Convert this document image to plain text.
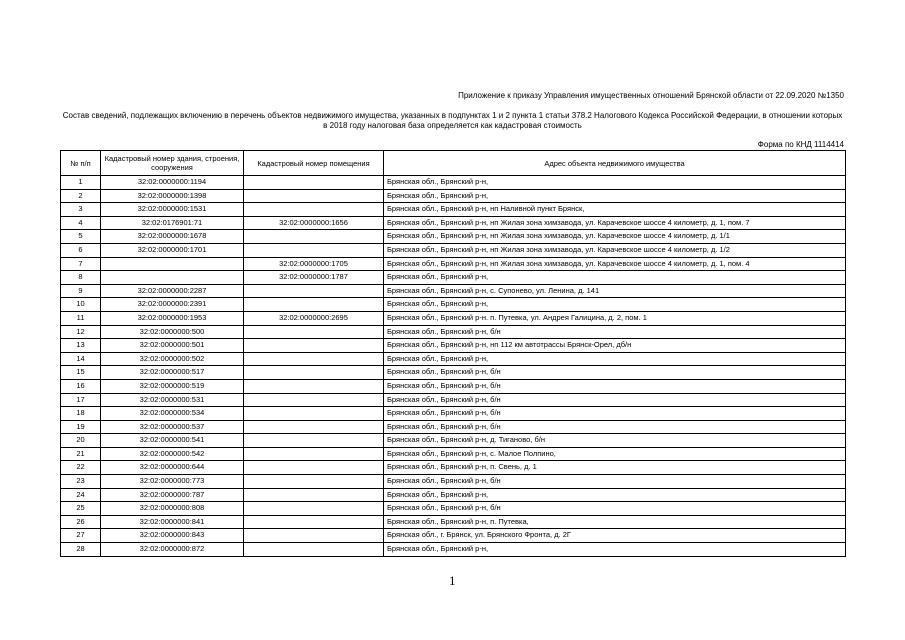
Приложение к приказу Управления имущественных отношений Брянской области от 22.09.2020 №1350
Состав сведений, подлежащих включению в перечень объектов недвижимого имущества, указанных в подпунктах 1 и 2 пункта 1 статьи 378.2 Налогового Кодекса Российской Федерации, в отношении которых в 2018 году налоговая база определяется как кадастровая стоимость
Форма по КНД 1114414
№ п/п	Кадастровый номер здания, строения, сооружения	Кадастровый номер помещения	Адрес объекта недвижимого имущества
1	32:02:0000000:1194		Брянская обл., Брянский р-н,
2	32:02:0000000:1398		Брянская обл., Брянский р-н,
3	32:02:0000000:1531		Брянская обл., Брянский р-н, нп Наливной пункт Брянск,
4	32:02:0176901:71	32:02:0000000:1656	Брянская обл., Брянский р-н, нп Жилая зона химзавода, ул. Карачевское шоссе 4 километр, д. 1, пом. 7
5	32:02:0000000:1678		Брянская обл., Брянский р-н, нп Жилая зона химзавода, ул. Карачевское шоссе 4 километр, д. 1/1
6	32:02:0000000:1701		Брянская обл., Брянский р-н, нп Жилая зона химзавода, ул. Карачевское шоссе 4 километр, д. 1/2
7		32:02:0000000:1705	Брянская обл., Брянский р-н, нп Жилая зона химзавода, ул. Карачевское шоссе 4 километр, д. 1, пом. 4
8		32:02:0000000:1787	Брянская обл., Брянский р-н,
9	32:02:0000000:2287		Брянская обл., Брянский р-н, с. Супонево, ул. Ленина, д. 141
10	32:02:0000000:2391		Брянская обл., Брянский р-н,
11	32:02:0000000:1953	32:02:0000000:2695	Брянская обл., Брянский р-н. п. Путевка, ул. Андрея Галицина, д. 2, пом. 1
12	32:02:0000000:500		Брянская обл., Брянский р-н, б/н
13	32:02:0000000:501		Брянская обл., Брянский р-н, нп 112 км автотрассы Брянск-Орел, дб/н
14	32:02:0000000:502		Брянская обл., Брянский р-н,
15	32:02:0000000:517		Брянская обл., Брянский р-н, б/н
16	32:02:0000000:519		Брянская обл., Брянский р-н, б/н
17	32:02:0000000:531		Брянская обл., Брянский р-н, б/н
18	32:02:0000000:534		Брянская обл., Брянский р-н, б/н
19	32:02:0000000:537		Брянская обл., Брянский р-н, б/н
20	32:02:0000000:541		Брянская обл., Брянский р-н, д. Тиганово, б/н
21	32:02:0000000:542		Брянская обл., Брянский р-н, с. Малое Полпино,
22	32:02:0000000:644		Брянская обл., Брянский р-н, п. Свень, д. 1
23	32:02:0000000:773		Брянская обл., Брянский р-н, б/н
24	32:02:0000000:787		Брянская обл., Брянский р-н,
25	32:02:0000000:808		Брянская обл., Брянский р-н, б/н
26	32:02:0000000:841		Брянская обл., Брянский р-н, п. Путевка,
27	32:02:0000000:843		Брянская обл., г. Брянск, ул. Брянского Фронта, д. 2Г
28	32:02:0000000:872		Брянская обл., Брянский р-н,
1
